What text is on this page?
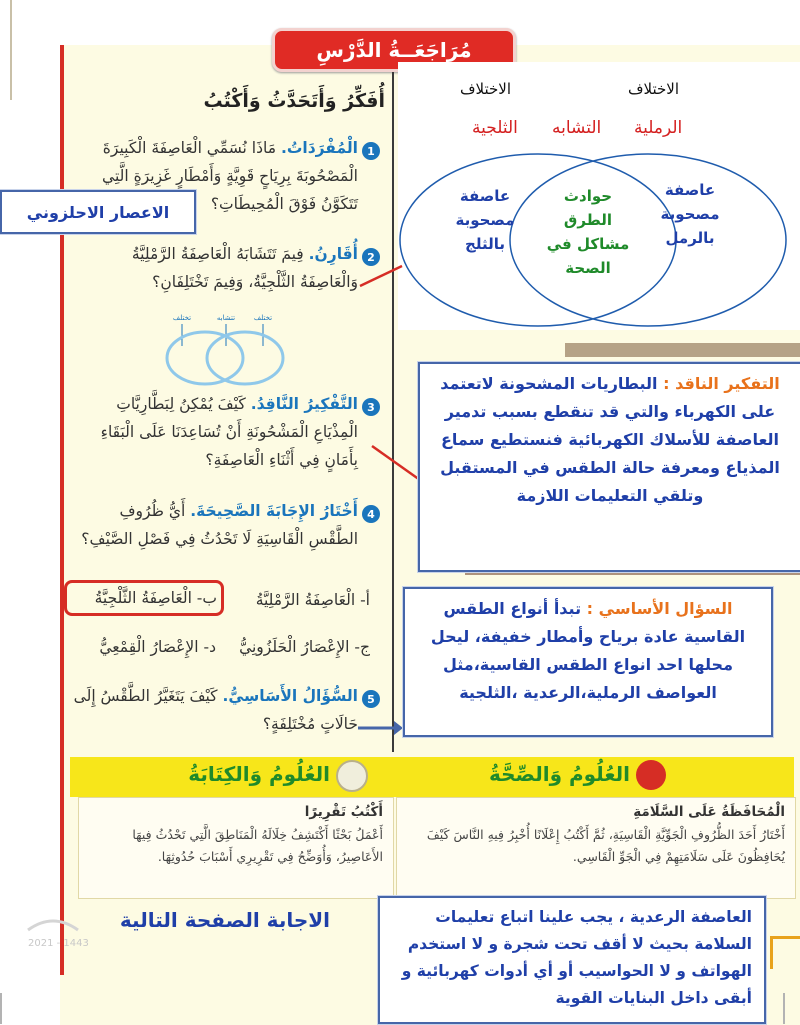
مُرَاجَعَــةُ الدَّرْسِ
أُفَكِّرُ وَأَتَحَدَّثُ وَأَكْتُبُ
1
الْمُفْرَدَاتُ. مَاذَا نُسَمِّي الْعَاصِفَةَ الْكَبِيرَةَ الْمَصْحُوبَةَ بِرِيَاحٍ قَوِيَّةٍ وَأَمْطَارٍ غَزِيرَةٍ الَّتِي تَتَكَوَّنُ فَوْقَ الْمُحِيطَاتِ؟
2
أُقَارِنُ. فِيمَ تَتَشَابَهُ الْعَاصِفَةُ الرَّمْلِيَّةُ وَالْعَاصِفَةُ الثَّلْجِيَّةُ، وَفِيمَ تَخْتَلِفَانِ؟
تختلف	تتشابه	تختلف
3
التَّفْكِيرُ النَّاقِدُ. كَيْفَ يُمْكِنُ لِبَطَّارِيَّاتِ الْمِذْيَاعِ الْمَشْحُونَةِ أَنْ تُسَاعِدَنَا عَلَى الْبَقَاءِ بِأَمَانٍ فِي أَثْنَاءِ الْعَاصِفَةِ؟
4
أَخْتَارُ الإِجَابَةَ الصَّحِيحَةَ. أَيُّ ظُرُوفِ الطَّقْسِ الْقَاسِيَةِ لَا تَحْدُثُ فِي فَصْلِ الصَّيْفِ؟
أ- الْعَاصِفَةُ الرَّمْلِيَّةُ
ب- الْعَاصِفَةُ الثَّلْجِيَّةُ
ج- الإِعْصَارُ الْحَلَزُونِيُّ
د- الإِعْصَارُ الْقِمْعِيُّ
5
السُّؤَالُ الأَسَاسِيُّ. كَيْفَ يَتَغَيَّرُ الطَّقْسُ إِلَى حَالَاتٍ مُخْتَلِفَةٍ؟
الاعصار الاحلزوني
الاختلاف
الاختلاف
الرملية
التشابه
الثلجية
عاصفة مصحوبة بالرمل
حوادث الطرق مشاكل في الصحة
عاصفة مصحوبة بالثلج
التفكير الناقد : البطاريات المشحونة لاتعتمد على الكهرباء والتي قد تنقطع بسبب تدمير العاصفة للأسلاك الكهربائية فنستطيع سماع المذياع ومعرفة حالة الطقس في المستقبل وتلقي التعليمات اللازمة
السؤال الأساسي : تبدأ أنواع الطقس القاسية عادة برياح وأمطار خفيفة، ليحل محلها احد انواع الطقس القاسية،مثل العواصف الرملية،الرعدية ،الثلجية
العُلُومُ وَالصِّحَّةُ
العُلُومُ وَالكِتَابَةُ
الْمُحَافَظَةُ عَلَى السَّلَامَةِ
أَخْتَارُ أَحَدَ الظُّرُوفِ الْجَوِّيَّةِ الْقَاسِيَةِ، ثُمَّ أَكْتُبُ إِعْلَانًا أُخْبِرُ فِيهِ النَّاسَ كَيْفَ يُحَافِظُونَ عَلَى سَلَامَتِهِمْ فِي الْجَوِّ الْقَاسِي.
أَكْتُبُ تَقْرِيرًا
أَعْمَلُ بَحْثًا أَكْتَشِفُ خِلَالَهُ الْمَنَاطِقَ الَّتِي تَحْدُثُ فِيهَا الأَعَاصِيرُ، وَأُوَضِّحُ فِي تَقْرِيرِي أَسْبَابَ حُدُوثِهَا.
الاجابة الصفحة التالية
2021 - 1443
العاصفة الرعدية ، يجب علينا اتباع تعليمات السلامة بحيث لا أقف تحت شجرة و لا استخدم الهواتف و لا الحواسيب أو أي أدوات كهربائية و أبقى داخل البنايات القوية
